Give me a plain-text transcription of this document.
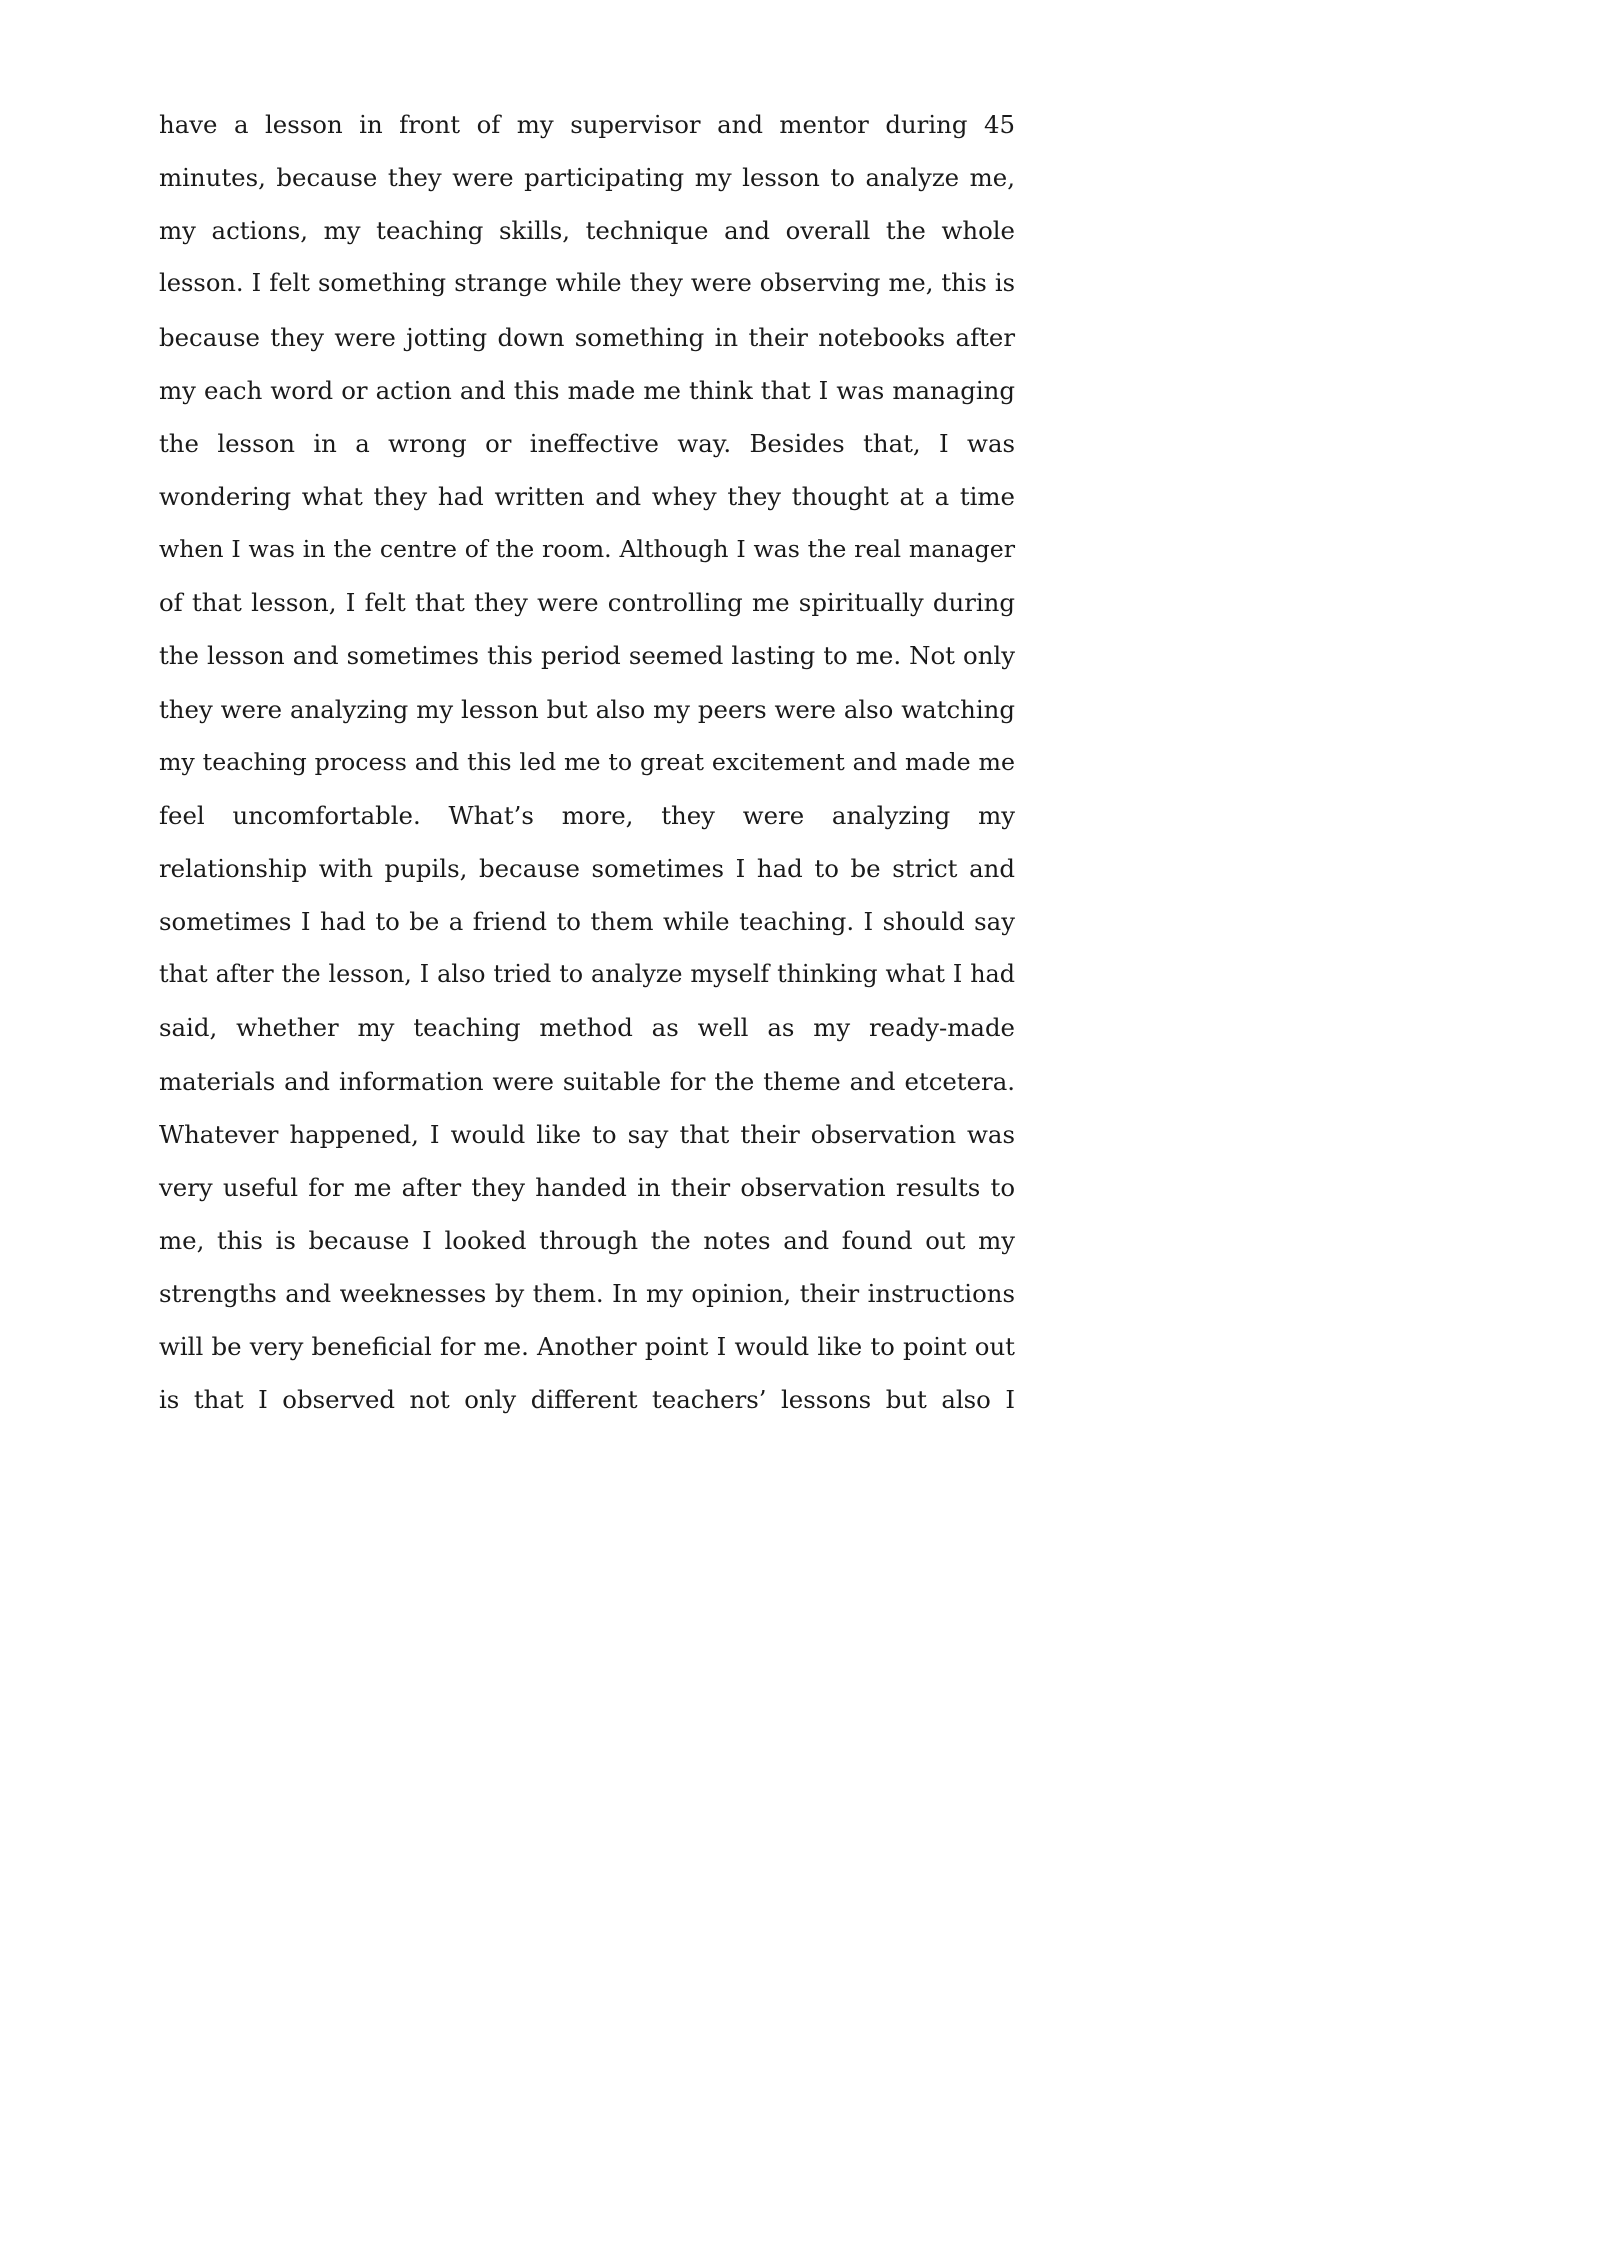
have a lesson in front of my supervisor and mentor during 45
minutes, because they were participating my lesson to analyze me,
my actions, my teaching skills, technique and overall the whole
lesson. I felt something strange while they were observing me, this is
because they were jotting down something in their notebooks after
my each word or action and this made me think that I was managing
the lesson in a wrong or ineffective way. Besides that, I was
wondering what they had written and whey they thought at a time
when I was in the centre of the room. Although I was the real manager
of that lesson, I felt that they were controlling me spiritually during
the lesson and sometimes this period seemed lasting to me. Not only
they were analyzing my lesson but also my peers were also watching
my teaching process and this led me to great excitement and made me
feel uncomfortable. What’s more, they were analyzing my
relationship with pupils, because sometimes I had to be strict and
sometimes I had to be a friend to them while teaching. I should say
that after the lesson, I also tried to analyze myself thinking what I had
said, whether my teaching method as well as my ready-made
materials and information were suitable for the theme and etcetera.
Whatever happened, I would like to say that their observation was
very useful for me after they handed in their observation results to
me, this is because I looked through the notes and found out my
strengths and weeknesses by them. In my opinion, their instructions
will be very beneficial for me. Another point I would like to point out
is that I observed not only different teachers’ lessons but also I
